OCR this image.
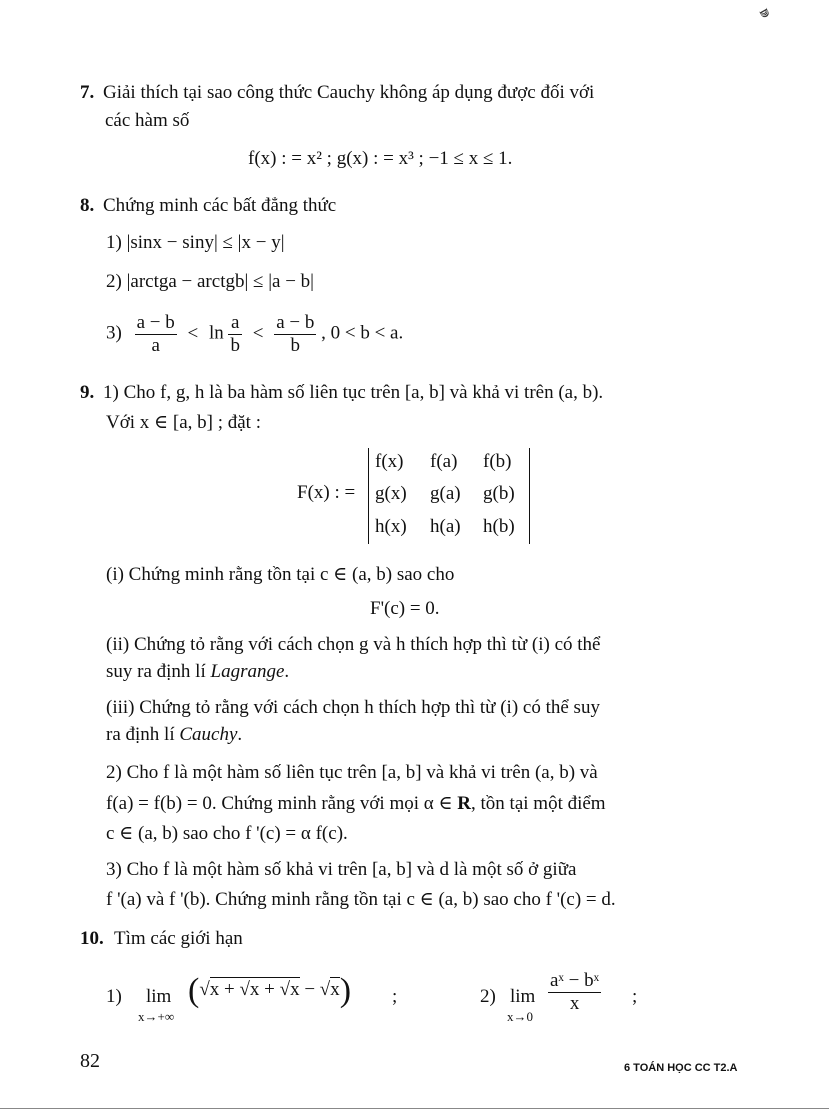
ↇ
7. Giải thích tại sao công thức Cauchy không áp dụng được đối với
các hàm số
f(x) : = x² ; g(x) : = x³ ; −1 ≤ x ≤ 1.
8. Chứng minh các bất đẳng thức
1) |sinx − siny| ≤ |x − y|
2) |arctga − arctgb| ≤ |a − b|
$3) \frac{a - b}{a} < \ln \frac{a}{b} < \frac{a - b}{b}$ , 0 < b < a.
9. 1) Cho f, g, h là ba hàm số liên tục trên [a, b] và khả vi trên (a, b).
Với x ∈ [a, b] ; đặt :
F(x) : =
f(x) f(a) f(b)
g(x) g(a) g(b)
h(x) h(a) h(b)
(i) Chứng minh rằng tồn tại c ∈ (a, b) sao cho
F'(c) = 0.
(ii) Chứng tỏ rằng với cách chọn g và h thích hợp thì từ (i) có thể
suy ra định lí Lagrange.
(iii) Chứng tỏ rằng với cách chọn h thích hợp thì từ (i) có thể suy
ra định lí Cauchy.
2) Cho f là một hàm số liên tục trên [a, b] và khả vi trên (a, b) và
f(a) = f(b) = 0. Chứng minh rằng với mọi α ∈ R, tồn tại một điểm
c ∈ (a, b) sao cho f '(c) = α f(c).
3) Cho f là một hàm số khả vi trên [a, b] và d là một số ở giữa
f '(a) và f '(b). Chứng minh rằng tồn tại c ∈ (a, b) sao cho f '(c) = d.
10. Tìm các giới hạn
1) lim
x→+∞
(√x + √x + √x − √x) ;	2) lim
x→0
$\frac{\text{aˣ − bˣ}}{x}$ ;
82	6 TOÁN HỌC CC T2.A
